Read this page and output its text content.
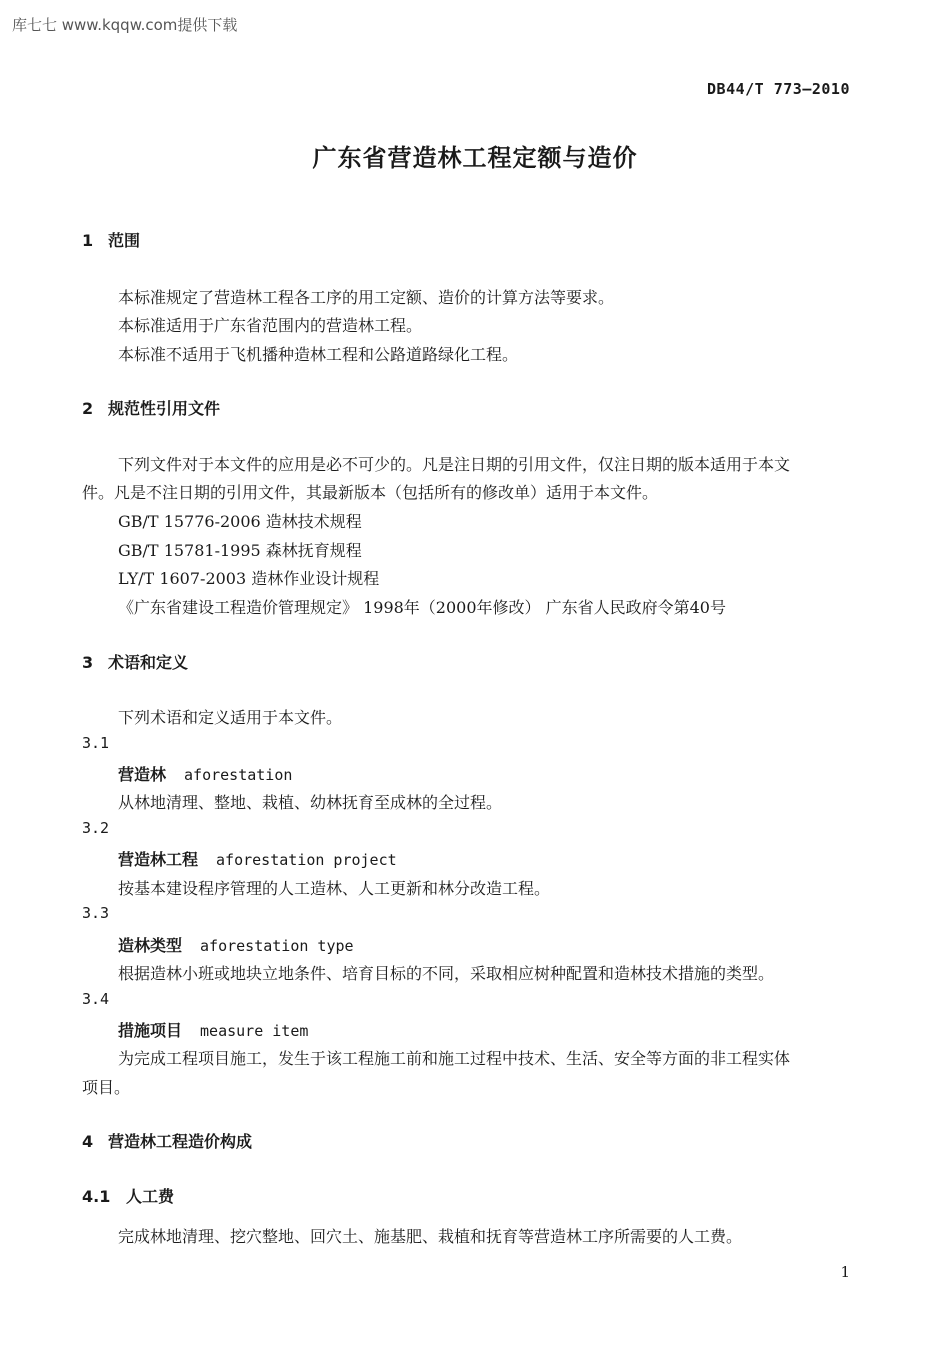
库七七 www.kqqw.com提供下载
DB44/T 773—2010
广东省营造林工程定额与造价
1 范围
本标准规定了营造林工程各工序的用工定额、造价的计算方法等要求。
本标准适用于广东省范围内的营造林工程。
本标准不适用于飞机播种造林工程和公路道路绿化工程。
2 规范性引用文件
下列文件对于本文件的应用是必不可少的。凡是注日期的引用文件，仅注日期的版本适用于本文
件。凡是不注日期的引用文件，其最新版本（包括所有的修改单）适用于本文件。
GB/T 15776-2006 造林技术规程
GB/T 15781-1995 森林抚育规程
LY/T 1607-2003 造林作业设计规程
《广东省建设工程造价管理规定》 1998年（2000年修改） 广东省人民政府令第40号
3 术语和定义
下列术语和定义适用于本文件。
3.1
营造林 aforestation
从林地清理、整地、栽植、幼林抚育至成林的全过程。
3.2
营造林工程 aforestation project
按基本建设程序管理的人工造林、人工更新和林分改造工程。
3.3
造林类型 aforestation type
根据造林小班或地块立地条件、培育目标的不同，采取相应树种配置和造林技术措施的类型。
3.4
措施项目 measure item
为完成工程项目施工，发生于该工程施工前和施工过程中技术、生活、安全等方面的非工程实体
项目。
4 营造林工程造价构成
4.1 人工费
完成林地清理、挖穴整地、回穴土、施基肥、栽植和抚育等营造林工序所需要的人工费。
1
